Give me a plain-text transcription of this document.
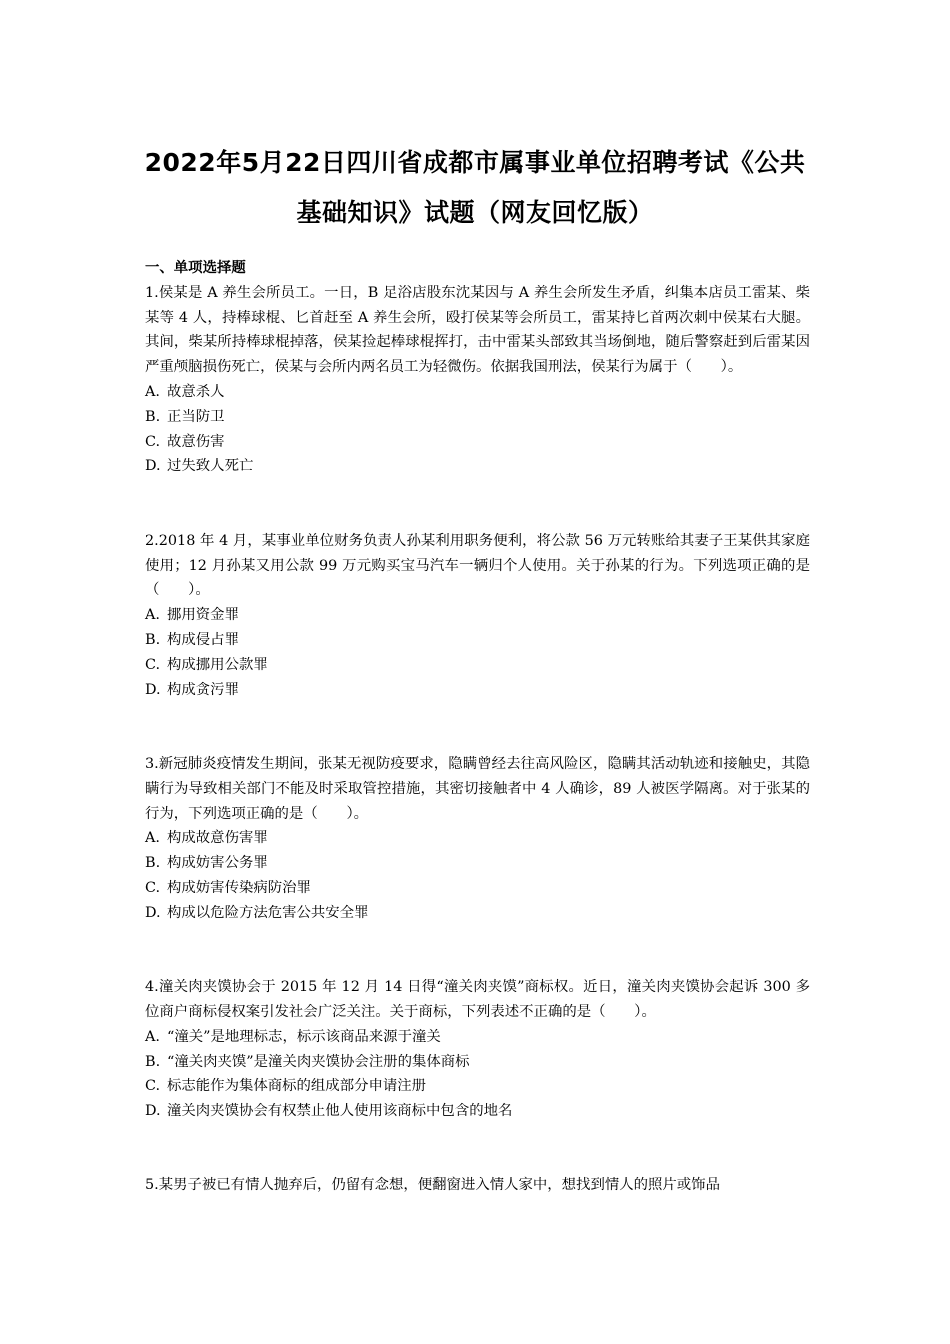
2022年5月22日四川省成都市属事业单位招聘考试《公共
基础知识》试题（网友回忆版）

一、单项选择题

1.侯某是 A 养生会所员工。一日，B 足浴店股东沈某因与 A 养生会所发生矛盾，纠集本店员工雷某、柴某等 4 人，持棒球棍、匕首赶至 A 养生会所，殴打侯某等会所员工，雷某持匕首两次刺中侯某右大腿。其间，柴某所持棒球棍掉落，侯某捡起棒球棍挥打，击中雷某头部致其当场倒地，随后警察赶到后雷某因严重颅脑损伤死亡，侯某与会所内两名员工为轻微伤。依据我国刑法，侯某行为属于（　　）。

A. 故意杀人
B. 正当防卫
C. 故意伤害
D. 过失致人死亡

2.2018 年 4 月，某事业单位财务负责人孙某利用职务便利，将公款 56 万元转账给其妻子王某供其家庭使用；12 月孙某又用公款 99 万元购买宝马汽车一辆归个人使用。关于孙某的行为。下列选项正确的是（　　）。

A. 挪用资金罪
B. 构成侵占罪
C. 构成挪用公款罪
D. 构成贪污罪

3.新冠肺炎疫情发生期间，张某无视防疫要求，隐瞒曾经去往高风险区，隐瞒其活动轨迹和接触史，其隐瞒行为导致相关部门不能及时采取管控措施，其密切接触者中 4 人确诊，89 人被医学隔离。对于张某的行为，下列选项正确的是（　　）。

A. 构成故意伤害罪
B. 构成妨害公务罪
C. 构成妨害传染病防治罪
D. 构成以危险方法危害公共安全罪

4.潼关肉夹馍协会于 2015 年 12 月 14 日得“潼关肉夹馍”商标权。近日，潼关肉夹馍协会起诉 300 多位商户商标侵权案引发社会广泛关注。关于商标，下列表述不正确的是（　　）。

A. “潼关”是地理标志，标示该商品来源于潼关
B. “潼关肉夹馍”是潼关肉夹馍协会注册的集体商标
C. 标志能作为集体商标的组成部分申请注册
D. 潼关肉夹馍协会有权禁止他人使用该商标中包含的地名

5.某男子被已有情人抛弃后，仍留有念想，便翻窗进入情人家中，想找到情人的照片或饰品
